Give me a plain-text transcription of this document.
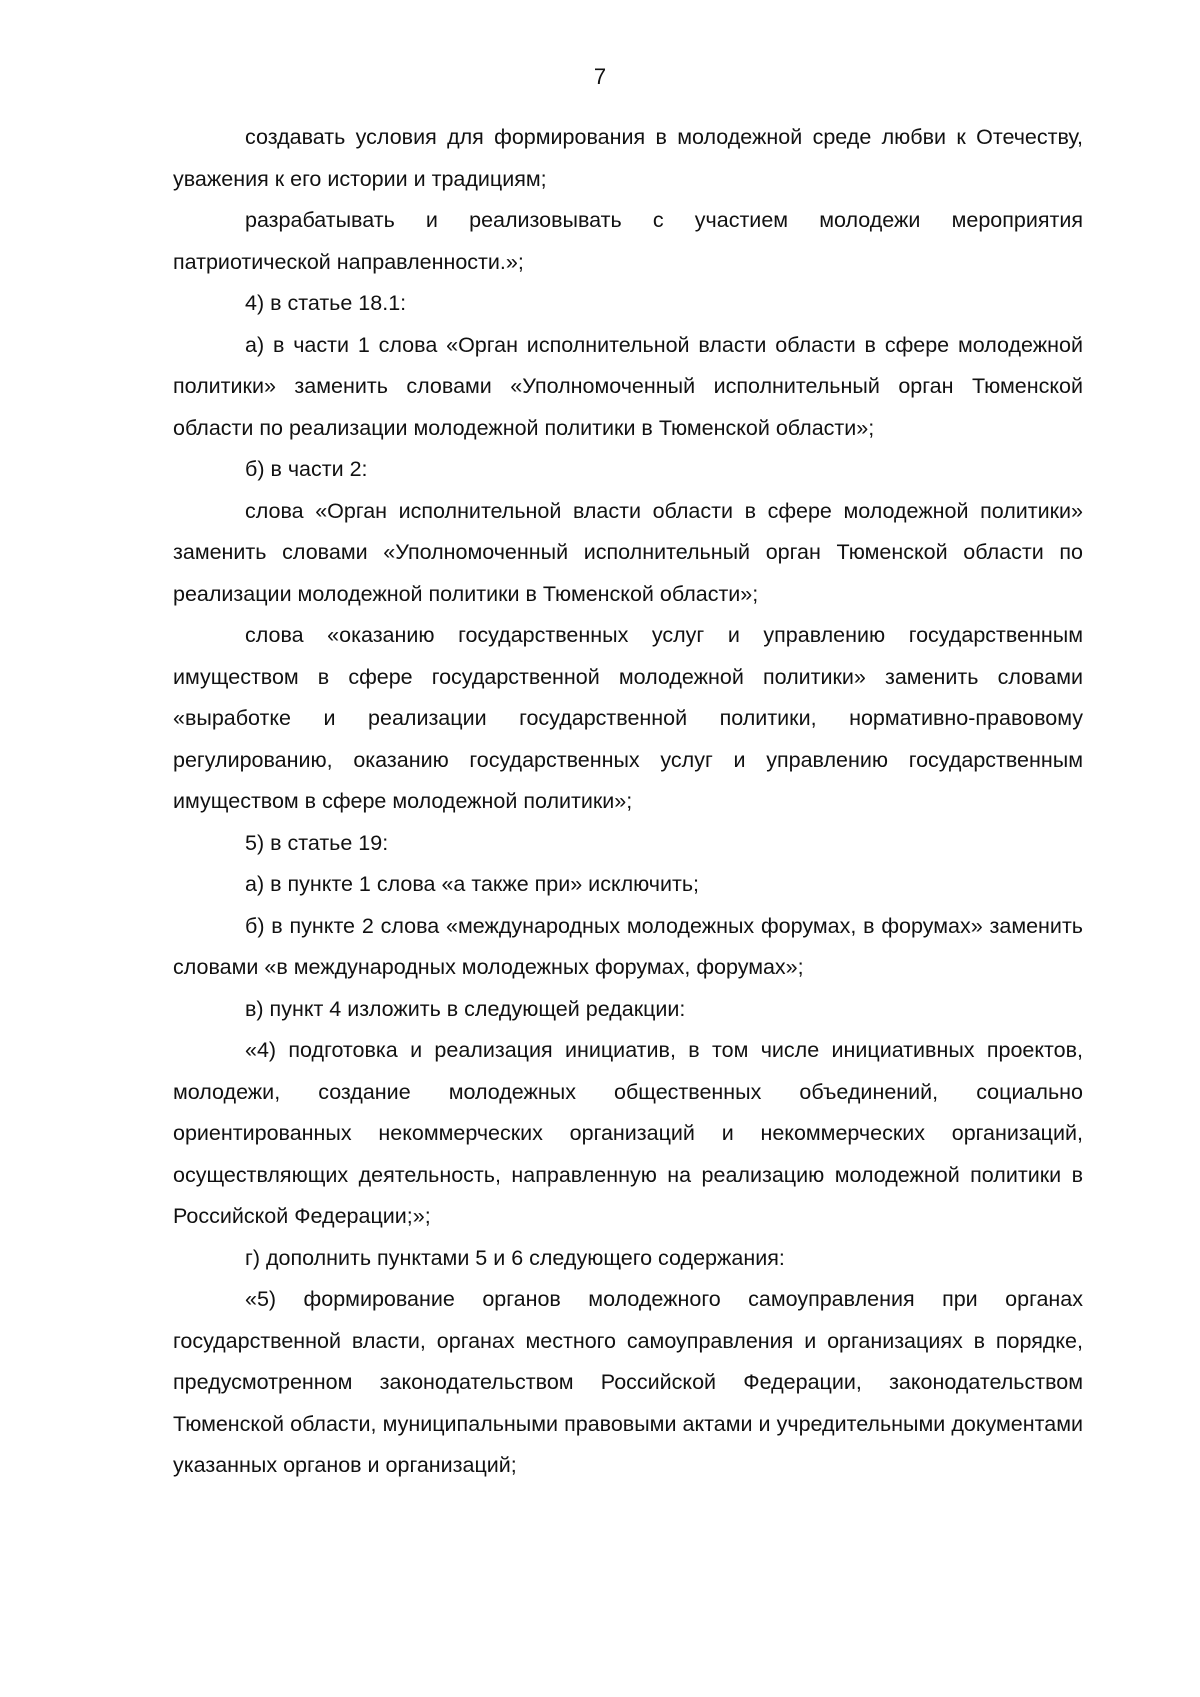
7

создавать условия для формирования в молодежной среде любви к Отечеству, уважения к его истории и традициям;

разрабатывать и реализовывать с участием молодежи мероприятия патриотической направленности.»;

4) в статье 18.1:

а) в части 1 слова «Орган исполнительной власти области в сфере молодежной политики» заменить словами «Уполномоченный исполнительный орган Тюменской области по реализации молодежной политики в Тюменской области»;

б) в части 2:

слова «Орган исполнительной власти области в сфере молодежной политики» заменить словами «Уполномоченный исполнительный орган Тюменской области по реализации молодежной политики в Тюменской области»;

слова «оказанию государственных услуг и управлению государственным имуществом в сфере государственной молодежной политики» заменить словами «выработке и реализации государственной политики, нормативно-правовому регулированию, оказанию государственных услуг и управлению государственным имуществом в сфере молодежной политики»;

5) в статье 19:

а) в пункте 1 слова «а также при» исключить;

б) в пункте 2 слова «международных молодежных форумах, в форумах» заменить словами «в международных молодежных форумах, форумах»;

в) пункт 4 изложить в следующей редакции:

«4) подготовка и реализация инициатив, в том числе инициативных проектов, молодежи, создание молодежных общественных объединений, социально ориентированных некоммерческих организаций и некоммерческих организаций, осуществляющих деятельность, направленную на реализацию молодежной политики в Российской Федерации;»;

г) дополнить пунктами 5 и 6 следующего содержания:

«5) формирование органов молодежного самоуправления при органах государственной власти, органах местного самоуправления и организациях в порядке, предусмотренном законодательством Российской Федерации, законодательством Тюменской области, муниципальными правовыми актами и учредительными документами указанных органов и организаций;
